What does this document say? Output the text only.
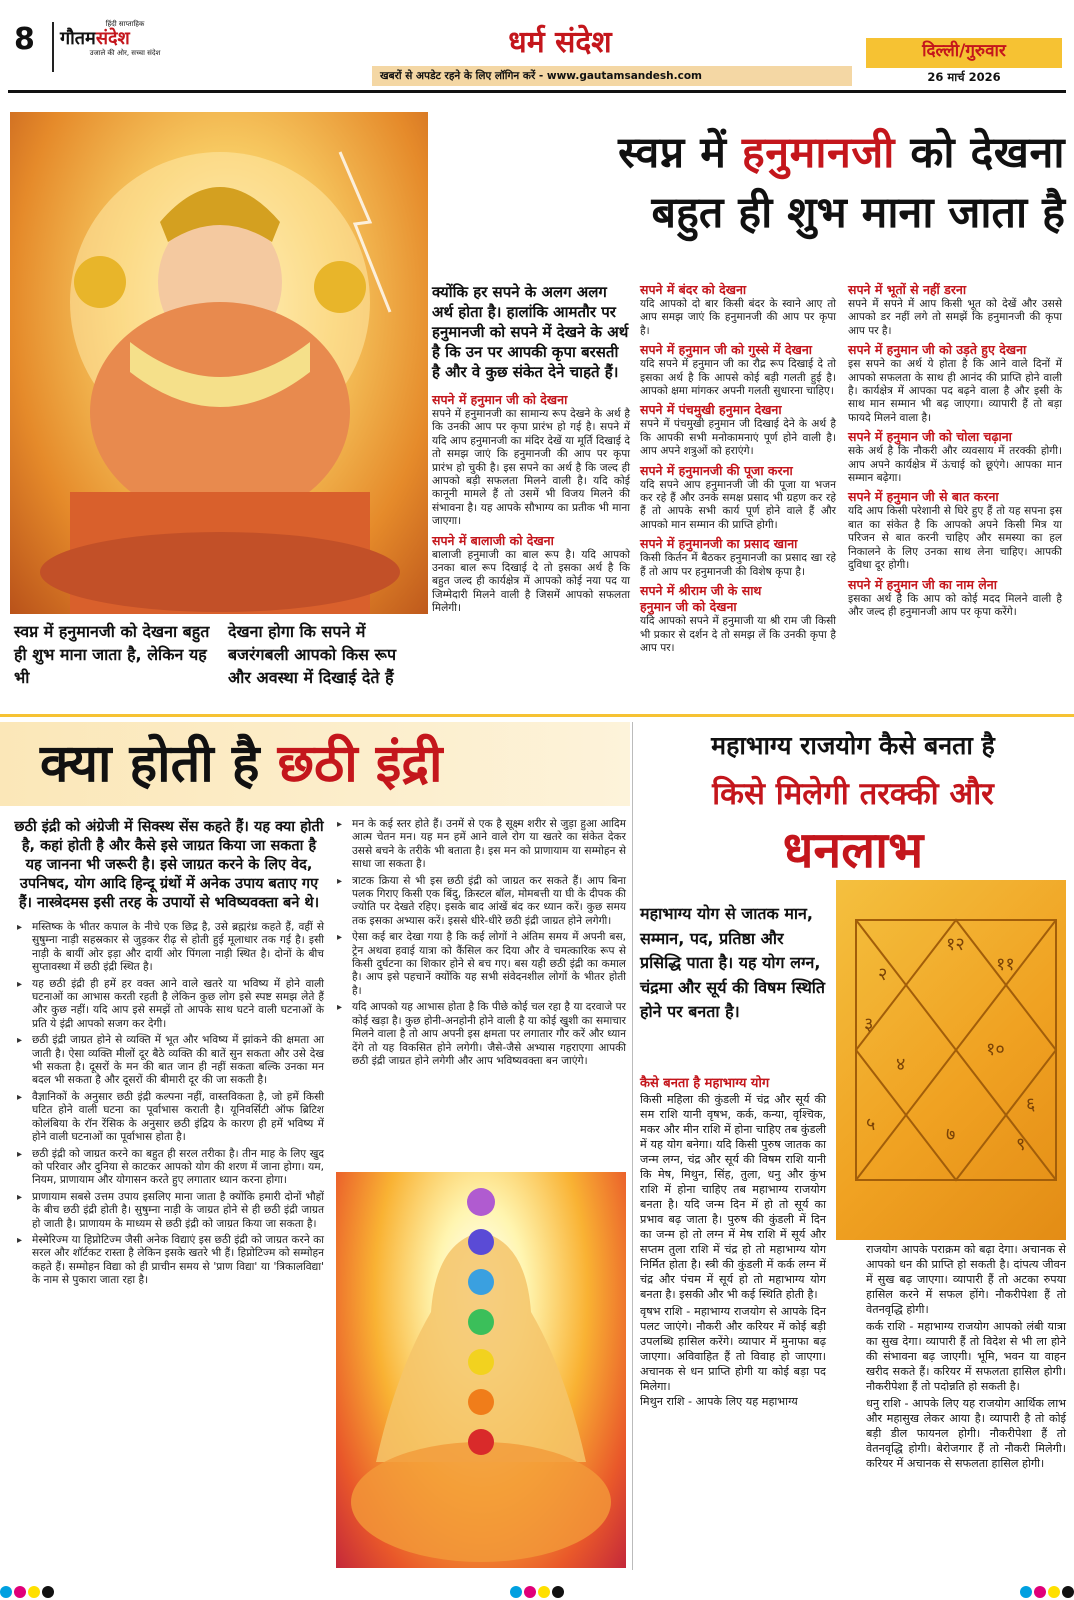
8	हिंदी साप्ताहिक
गौतमसंदेश
उजाले की ओर, सच्चा संदेश	धर्म संदेश
खबरों से अपडेट रहने के लिए लॉगिन करें - www.gautamsandesh.com
दिल्ली/गुरुवार
26 मार्च 2026
स्वप्न में हनुमानजी को देखना
बहुत ही शुभ माना जाता है
स्वप्न में हनुमानजी को देखना बहुत ही शुभ माना जाता है, लेकिन यह भी
देखना होगा कि सपने में बजरंगबली आपको किस रूप और अवस्था में दिखाई देते हैं
क्योंकि हर सपने के अलग अलग अर्थ होता है। हालांकि आमतौर पर हनुमानजी को सपने में देखने के अर्थ है कि उन पर आपकी कृपा बरसती है और वे कुछ संकेत देने चाहते हैं।
सपने में हनुमान जी को देखना
सपने में हनुमानजी का सामान्य रूप देखने के अर्थ है कि उनकी आप पर कृपा प्रारंभ हो गई है। सपने में यदि आप हनुमानजी का मंदिर देखें या मूर्ति दिखाई दे तो समझ जाएं कि हनुमानजी की आप पर कृपा प्रारंभ हो चुकी है। इस सपने का अर्थ है कि जल्द ही आपको बड़ी सफलता मिलने वाली है। यदि कोई कानूनी मामले हैं तो उसमें भी विजय मिलने की संभावना है। यह आपके सौभाग्य का प्रतीक भी माना जाएगा।
सपने में बालाजी को देखना
बालाजी हनुमाजी का बाल रूप है। यदि आपको उनका बाल रूप दिखाई दे तो इसका अर्थ है कि बहुत जल्द ही कार्यक्षेत्र में आपको कोई नया पद या जिम्मेदारी मिलने वाली है जिसमें आपको सफलता मिलेगी।
सपने में बंदर को देखना
यदि आपको दो बार किसी बंदर के स्वाने आए तो आप समझ जाएं कि हनुमानजी की आप पर कृपा है।
सपने में हनुमान जी को गुस्से में देखना
यदि सपने में हनुमान जी का रौद्र रूप दिखाई दे तो इसका अर्थ है कि आपसे कोई बड़ी गलती हुई है। आपको क्षमा मांगकर अपनी गलती सुधारना चाहिए।
सपने में पंचमुखी हनुमान देखना
सपने में पंचमुखी हनुमान जी दिखाई देने के अर्थ है कि आपकी सभी मनोकामनाएं पूर्ण होने वाली है। आप अपने शत्रुओं को हराएंगे।
सपने में हनुमानजी की पूजा करना
यदि सपने आप हनुमानजी जी की पूजा या भजन कर रहे हैं और उनके समक्ष प्रसाद भी ग्रहण कर रहे हैं तो आपके सभी कार्य पूर्ण होने वाले हैं और आपको मान सम्मान की प्राप्ति होगी।
सपने में हनुमानजी का प्रसाद खाना
किसी किर्तन में बैठकर हनुमानजी का प्रसाद खा रहे हैं तो आप पर हनुमानजी की विशेष कृपा है।
सपने में श्रीराम जी के साथ
हनुमान जी को देखना
यदि आपको सपने में हनुमाजी या श्री राम जी किसी भी प्रकार से दर्शन दे तो समझ लें कि उनकी कृपा है आप पर।
सपने में भूतों से नहीं डरना
सपने में सपने में आप किसी भूत को देखें और उससे आपको डर नहीं लगे तो समझें कि हनुमानजी की कृपा आप पर है।
सपने में हनुमान जी को उड़ते हुए देखना
इस सपने का अर्थ ये होता है कि आने वाले दिनों में आपको सफलता के साथ ही आनंद की प्राप्ति होने वाली है। कार्यक्षेत्र में आपका पद बढ़ने वाला है और इसी के साथ मान सम्मान भी बढ़ जाएगा। व्यापारी हैं तो बड़ा फायदे मिलने वाला है।
सपने में हनुमान जी को चोला चढ़ाना
सके अर्थ है कि नौकरी और व्यवसाय में तरक्की होगी। आप अपने कार्यक्षेत्र में ऊंचाई को छूएंगे। आपका मान सम्मान बढ़ेगा।
सपने में हनुमान जी से बात करना
यदि आप किसी परेशानी से घिरे हुए हैं तो यह सपना इस बात का संकेत है कि आपको अपने किसी मित्र या परिजन से बात करनी चाहिए और समस्या का हल निकालने के लिए उनका साथ लेना चाहिए। आपकी दुविधा दूर होगी।
सपने में हनुमान जी का नाम लेना
इसका अर्थ है कि आप को कोई मदद मिलने वाली है और जल्द ही हनुमानजी आप पर कृपा करेंगे।
क्या होती है छठी इंद्री
छठी इंद्री को अंग्रेजी में सिक्स्थ सेंस कहते हैं। यह क्या होती है, कहां होती है और कैसे इसे जाग्रत किया जा सकता है यह जानना भी जरूरी है। इसे जाग्रत करने के लिए वेद, उपनिषद, योग आदि हिन्दू ग्रंथों में अनेक उपाय बताए गए हैं। नास्त्रेदमस इसी तरह के उपायों से भविष्यवक्ता बने थे।
▸ मस्तिष्क के भीतर कपाल के नीचे एक छिद्र है, उसे ब्रह्मरंध्र कहते हैं, वहीं से सुषुम्ना नाड़ी सहस्रकार से जुड़कर रीढ़ से होती हुई मूलाधार तक गई है। इसी नाड़ी के बायीं ओर इड़ा और दायीं ओर पिंगला नाड़ी स्थित है। दोनों के बीच सुप्तावस्था में छठी इंद्री स्थित है।
▸ यह छठी इंद्री ही हमें हर वक्त आने वाले खतरे या भविष्य में होने वाली घटनाओं का आभास करती रहती है लेकिन कुछ लोग इसे स्पष्ट समझ लेते हैं और कुछ नहीं। यदि आप इसे समझें तो आपके साथ घटने वाली घटनाओं के प्रति ये इंद्री आपको सजग कर देगी।
▸ छठी इंद्री जाग्रत होने से व्यक्ति में भूत और भविष्य में झांकने की क्षमता आ जाती है। ऐसा व्यक्ति मीलों दूर बैठे व्यक्ति की बातें सुन सकता और उसे देख भी सकता है। दूसरों के मन की बात जान ही नहीं सकता बल्कि उनका मन बदल भी सकता है और दूसरों की बीमारी दूर की जा सकती है।
▸ वैज्ञानिकों के अनुसार छठी इंद्री कल्पना नहीं, वास्तविकता है, जो हमें किसी घटित होने वाली घटना का पूर्वाभास कराती है। यूनिवर्सिटी ऑफ ब्रिटिश कोलंबिया के रॉन रेंसिक के अनुसार छठी इंद्रिय के कारण ही हमें भविष्य में होने वाली घटनाओं का पूर्वाभास होता है।
▸ छठी इंद्री को जाग्रत करने का बहुत ही सरल तरीका है। तीन माह के लिए खुद को परिवार और दुनिया से काटकर आपको योग की शरण में जाना होगा। यम, नियम, प्राणायाम और योगासन करते हुए लगातार ध्यान करना होगा।
▸ प्राणायाम सबसे उत्तम उपाय इसलिए माना जाता है क्योंकि हमारी दोनों भौहों के बीच छठी इंद्री होती है। सुषुम्ना नाड़ी के जाग्रत होने से ही छठी इंद्री जाग्रत हो जाती है। प्राणायम के माध्यम से छठी इंद्री को जाग्रत किया जा सकता है।
▸ मेस्मेरिज्म या हिप्नोटिज्म जैसी अनेक विद्याएं इस छठी इंद्री को जाग्रत करने का सरल और शॉर्टकट रास्ता है लेकिन इसके खतरे भी हैं। हिप्नोटिज्म को सम्मोहन कहते हैं। सम्मोहन विद्या को ही प्राचीन समय से 'प्राण विद्या' या 'त्रिकालविद्या' के नाम से पुकारा जाता रहा है।
▸ मन के कई स्तर होते हैं। उनमें से एक है सूक्ष्म शरीर से जुड़ा हुआ आदिम आत्म चेतन मन। यह मन हमें आने वाले रोग या खतरे का संकेत देकर उससे बचने के तरीके भी बताता है। इस मन को प्राणायाम या सम्मोहन से साधा जा सकता है।
▸ त्राटक क्रिया से भी इस छठी इंद्री को जाग्रत कर सकते हैं। आप बिना पलक गिराए किसी एक बिंदु, क्रिस्टल बॉल, मोमबत्ती या घी के दीपक की ज्योति पर देखते रहिए। इसके बाद आंखें बंद कर ध्यान करें। कुछ समय तक इसका अभ्यास करें। इससे धीरे-धीरे छठी इंद्री जाग्रत होने लगेगी।
▸ ऐसा कई बार देखा गया है कि कई लोगों ने अंतिम समय में अपनी बस, ट्रेन अथवा हवाई यात्रा को कैंसिल कर दिया और वे चमत्कारिक रूप से किसी दुर्घटना का शिकार होने से बच गए। बस यही छठी इंद्री का कमाल है। आप इसे पहचानें क्योंकि यह सभी संवेदनशील लोगों के भीतर होती है।
▸ यदि आपको यह आभास होता है कि पीछे कोई चल रहा है या दरवाजे पर कोई खड़ा है। कुछ होनी-अनहोनी होने वाली है या कोई खुशी का समाचार मिलने वाला है तो आप अपनी इस क्षमता पर लगातार गौर करें और ध्यान देंगे तो यह विकसित होने लगेगी। जैसे-जैसे अभ्यास गहराएगा आपकी छठी इंद्री जाग्रत होने लगेगी और आप भविष्यवक्ता बन जाएंगे।
महाभाग्य राजयोग कैसे बनता है
किसे मिलेगी तरक्की और
धनलाभ
महाभाग्य योग से जातक मान, सम्मान, पद, प्रतिष्ठा और प्रसिद्धि पाता है। यह योग लग्न, चंद्रमा और सूर्य की विषम स्थिति होने पर बनता है।
१२
११
२
३
१०
४
६
७	९
५
कैसे बनता है महाभाग्य योग
किसी महिला की कुंडली में चंद्र और सूर्य की सम राशि यानी वृषभ, कर्क, कन्या, वृश्चिक, मकर और मीन राशि में होना चाहिए तब कुंडली में यह योग बनेगा। यदि किसी पुरुष जातक का जन्म लग्न, चंद्र और सूर्य की विषम राशि यानी कि मेष, मिथुन, सिंह, तुला, धनु और कुंभ राशि में होना चाहिए तब महाभाग्य राजयोग बनता है। यदि जन्म दिन में हो तो सूर्य का प्रभाव बढ़ जाता है। पुरुष की कुंडली में दिन का जन्म हो तो लग्न में मेष राशि में सूर्य और सप्तम तुला राशि में चंद्र हो तो महाभाग्य योग निर्मित होता है। स्त्री की कुंडली में कर्क लग्न में चंद्र और पंचम में सूर्य हो तो महाभाग्य योग बनता है। इसकी और भी कई स्थिति होती है।
वृषभ राशि - महाभाग्य राजयोग से आपके दिन पलट जाएंगे। नौकरी और करियर में कोई बड़ी उपलब्धि हासिल करेंगे। व्यापार में मुनाफा बढ़ जाएगा। अविवाहित हैं तो विवाह हो जाएगा। अचानक से धन प्राप्ति होगी या कोई बड़ा पद मिलेगा।
मिथुन राशि - आपके लिए यह महाभाग्य
राजयोग आपके पराक्रम को बढ़ा देगा। अचानक से आपको धन की प्राप्ति हो सकती है। दांपत्य जीवन में सुख बढ़ जाएगा। व्यापारी हैं तो अटका रुपया हासिल करने में सफल होंगे। नौकरीपेशा हैं तो वेतनवृद्धि होगी।
कर्क राशि - महाभाग्य राजयोग आपको लंबी यात्रा का सुख देगा। व्यापारी हैं तो विदेश से भी ला होने की संभावना बढ़ जाएगी। भूमि, भवन या वाहन खरीद सकते हैं। करियर में सफलता हासिल होगी। नौकरीपेशा हैं तो पदोन्नति हो सकती है।
धनु राशि - आपके लिए यह राजयोग आर्थिक लाभ और महासुख लेकर आया है। व्यापारी है तो कोई बड़ी डील फायनल होगी। नौकरीपेशा हैं तो वेतनवृद्धि होगी। बेरोजगार हैं तो नौकरी मिलेगी। करियर में अचानक से सफलता हासिल होगी।
